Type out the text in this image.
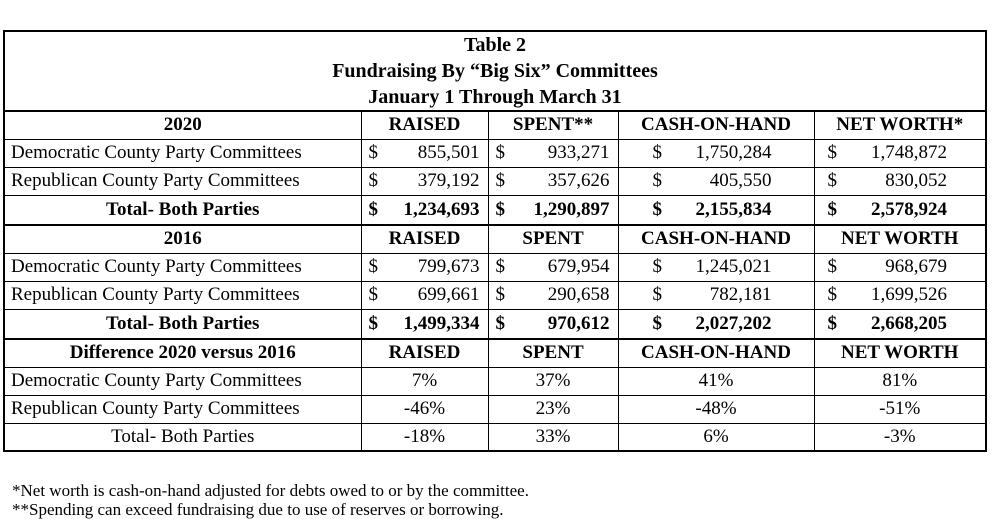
Table 2
Fundraising By “Big Six” Committees
January 1 Through March 31				

2020	RAISED	SPENT**	CASH-ON-HAND	NET WORTH*
Democratic County Party Committees	$ 855,501	$ 933,271	$ 1,750,284	$ 1,748,872

Republican County Party Committees	$ 379,192	$ 357,626	$ 405,550	$ 830,052

Total- Both Parties	$ 1,234,693	$ 1,290,897	$ 2,155,834	$ 2,578,924

2016	RAISED	SPENT	CASH-ON-HAND	NET WORTH
Democratic County Party Committees	$ 799,673	$ 679,954	$ 1,245,021	$ 968,679

Republican County Party Committees	$ 699,661	$ 290,658	$ 782,181	$ 1,699,526

Total- Both Parties	$ 1,499,334	$ 970,612	$ 2,027,202	$ 2,668,205

Difference 2020 versus 2016	RAISED	SPENT	CASH-ON-HAND	NET WORTH
Democratic County Party Committees	7%	37%	41%	81%
Republican County Party Committees	-46%	23%	-48%	-51%
Total- Both Parties	-18%	33%	6%	-3%
*Net worth is cash-on-hand adjusted for debts owed to or by the committee.
**Spending can exceed fundraising due to use of reserves or borrowing.
